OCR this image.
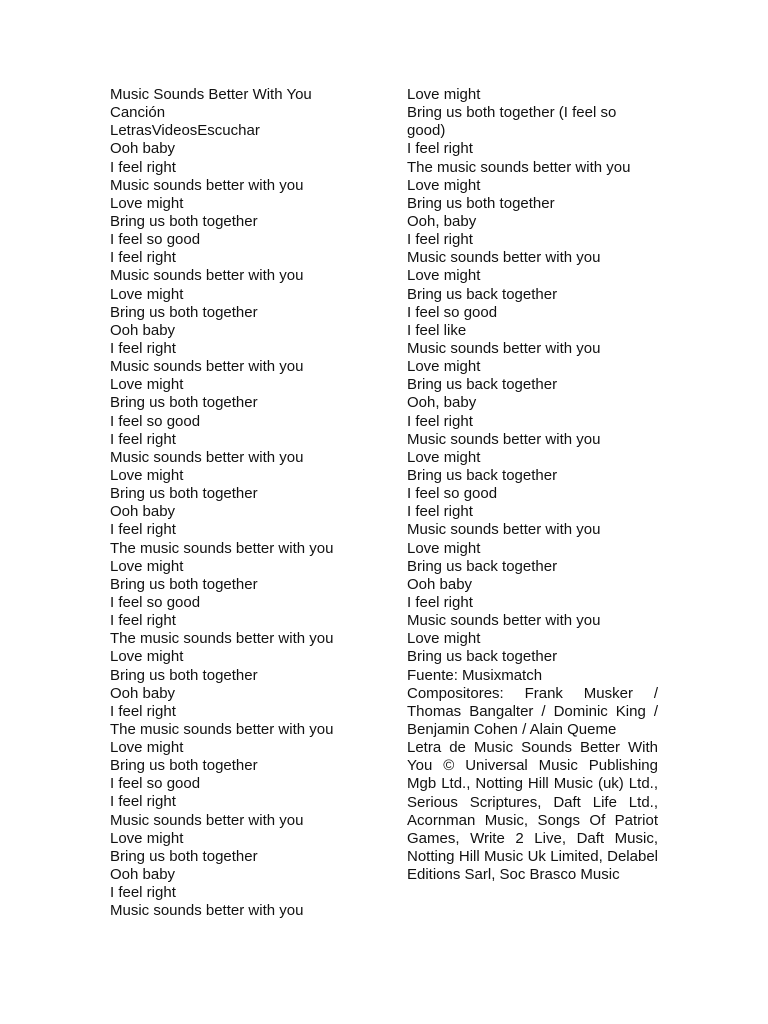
Music Sounds Better With You
Canción
LetrasVideosEscuchar
Ooh baby
I feel right
Music sounds better with you
Love might
Bring us both together
I feel so good
I feel right
Music sounds better with you
Love might
Bring us both together
Ooh baby
I feel right
Music sounds better with you
Love might
Bring us both together
I feel so good
I feel right
Music sounds better with you
Love might
Bring us both together
Ooh baby
I feel right
The music sounds better with you
Love might
Bring us both together
I feel so good
I feel right
The music sounds better with you
Love might
Bring us both together
Ooh baby
I feel right
The music sounds better with you
Love might
Bring us both together
I feel so good
I feel right
Music sounds better with you
Love might
Bring us both together
Ooh baby
I feel right
Music sounds better with you
Love might
Bring us both together (I feel so
good)
I feel right
The music sounds better with you
Love might
Bring us both together
Ooh, baby
I feel right
Music sounds better with you
Love might
Bring us back together
I feel so good
I feel like
Music sounds better with you
Love might
Bring us back together
Ooh, baby
I feel right
Music sounds better with you
Love might
Bring us back together
I feel so good
I feel right
Music sounds better with you
Love might
Bring us back together
Ooh baby
I feel right
Music sounds better with you
Love might
Bring us back together
Fuente: Musixmatch
Compositores: Frank Musker / Thomas Bangalter / Dominic King / Benjamin Cohen / Alain Queme
Letra de Music Sounds Better With You © Universal Music Publishing Mgb Ltd., Notting Hill Music (uk) Ltd., Serious Scriptures, Daft Life Ltd., Acornman Music, Songs Of Patriot Games, Write 2 Live, Daft Music, Notting Hill Music Uk Limited, Delabel Editions Sarl, Soc Brasco Music
